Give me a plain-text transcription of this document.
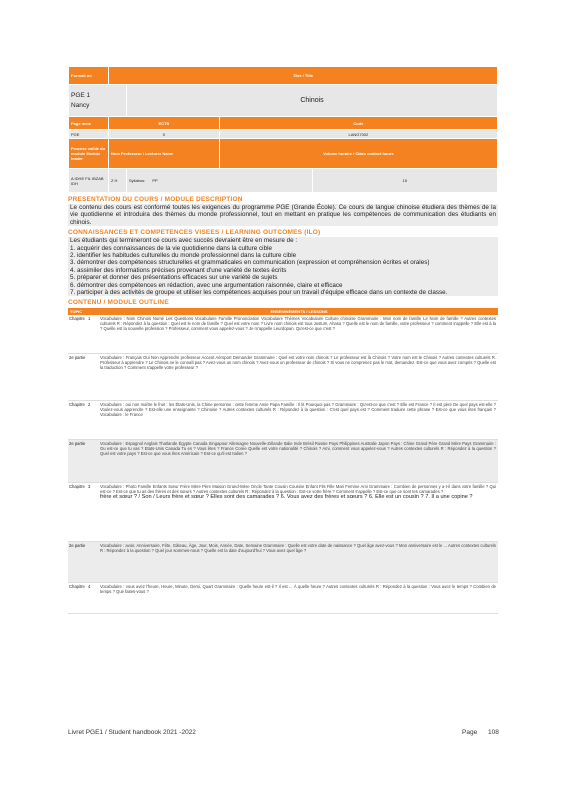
Formati on	Titre / Title			

PGE 1
Nancy		Chinois		
Page mme	ECTS		Code	
PGE	0		LANG7002	
Process valide du module Module leader	Nom Professeur / Lecturer Name		Volume horaire / Class contact hours	
A IDHE FIL IBZAB IDH	Z H	Syllabus: PP		15
PRESENTATION DU COURS / MODULE DESCRIPTION
Le contenu des cours est conformé toutes les exigences du programme PGE (Grande École). Ce cours de langue chinoise étudiera des thèmes de la vie quotidienne et introduira des thèmes du monde professionnel, tout en mettant en pratique les compétences de communication des étudiants en chinois.
CONNAISSANCES ET COMPETENCES VISEES / LEARNING OUTCOMES (ILO)
Les étudiants qui termineront ce cours avec succès devraient être en mesure de :
1. acquérir des connaissances de la vie quotidienne dans la culture cible
2. identifier les habitudes culturelles du monde professionnel dans la culture cible
3. démontrer des compétences structurelles et grammaticales en communication (expression et compréhension écrites et orales)
4. assimiler des informations précises provenant d'une variété de textes écrits
5. préparer et donner des présentations efficaces sur une variété de sujets
6. démontrer des compétences en rédaction, avec une argumentation raisonnée, claire et efficace
7. participer à des activités de groupe et utiliser les compétences acquises pour un travail d'équipe efficace dans un contexte de classe.
CONTENU / MODULE OUTLINE
TOPIC	ENSEIGNEMENTS / LESSONS
Chapitre 1	Vocabulaire : Nom Chinois Numé Les Questions Vocabulaire Famille Prononciation Vocabulaire Thèmes Vocabulaire Culture chinoise Grammaire : Mon nom de famille Le Nom de famille ? Autres contextes culturels R : Répondez à la question : Quel est le nom de famille ? Quel est votre nom ? Livre nom chinois est tous Jostum, Ahasa ? Quelle est le nom de famille, votre professeur ? comment s'appelle ? Elle est à la ? Quelle est la nouvelle profession ? Professeur, comment vous appelez-vous ? Je m'appelle Leurdopan. Qu'est-ce que c'est ?
2e partie	Vocabulaire : Français Oui Non Apprendre professeur Accent Aéroport Demander Grammaire : Quel est votre nom chinois ? Le professeur est là Chinois ? Votre nom est le Chinois ? Autres contextes culturels R. Professeur à apprendre ? Le Chinois ne le connaît pas ? Avez-vous un nom chinois ? Avez-vous un professeur de chinois ? Si vous ne comprenez pas le mot, demandez. Est-ce que vous avez compris ? Quelle est la traduction ? Comment s'appelle votre professeur ?
Chapitre 2	Vocabulaire : oui non maître le fruit : les États-Unis, la Chine personne : cette femme Amie Papa Famille : Il lit Pourquoi pas ? Grammaire : Qu'est-ce que c'est ? Elle est France ? Il est père De quel pays est-elle ? Voulez-vous apprendre ? Est-elle une enseignante ? Chinoise ? Autres contextes culturels R : Répondez à la question : C'est quel pays est ? Comment traduire cette phrase ? Est-ce que vous êtes français ? Vocabulaire : le France
2e partie	Vocabulaire : Espagnol Anglais Thaïlande Égypte Canada Singapour Allemagne Nouvelle-Zélande Italie Inde Brésil Russie Pays Philippines Australie Japon Pays : Chine Grand Père Grand Mère Pays Grammaire : Ou est-ce que tu vas ? Etats-Unis Canada Tu es ? Vous êtes ? France Corée Quelle est votre nationalité ? Chinois ? Ami, comment vous appelez-vous ? Autres contextes culturels R : Répondez à la question ? Quel est votre pays ? Est-ce que vous êtes Américain ? Est-ce qu'il est Italien ?
Chapitre 3	Vocabulaire : Photo Famille Enfants Sœur Frère Mère Père Maison Grand-Mère Oncle Tante Cousin Cousine Enfant Fils Fille Mari Femme Ami Grammaire : Combien de personnes y a-t-il dans votre famille ? Qui est-ce ? Est-ce que tu as des frères et des sœurs ? Autres contextes culturels R : Répondez à la question : Est-ce votre frère ? Comment s'appelle ? Est-ce que ce sont tes camarades ?
frère et sœur ? / Son / Leurs frère et sœur ? Elles sont des camarades ? 6. Vous avez des frères et sœurs ? 6. Elle est un cousin ? 7. Il a une copine ?
2e partie	Vocabulaire : avoir, Anniversaire, Fête, Gâteau, Âge, Jour, Mois, Année, Date, Semaine Grammaire : Quelle est votre date de naissance ? Quel âge avez-vous ? Mon anniversaire est le ... Autres contextes culturels R : Répondez à la question ? Quel jour sommes-nous ? Quelle est la date d'aujourd'hui ? Vous avez quel âge ?
Chapitre 4	Vocabulaire : vous avez l'heure, Heure, Minute, Demi, Quart Grammaire : Quelle heure est-il ? Il est ... À quelle heure ? Autres contextes culturels R : Répondez à la question : Vous avez le temps ? Combien de temps ? Que faites-vous ?
Livret PGE1 / Student handbook 2021 -2022	Page 108
